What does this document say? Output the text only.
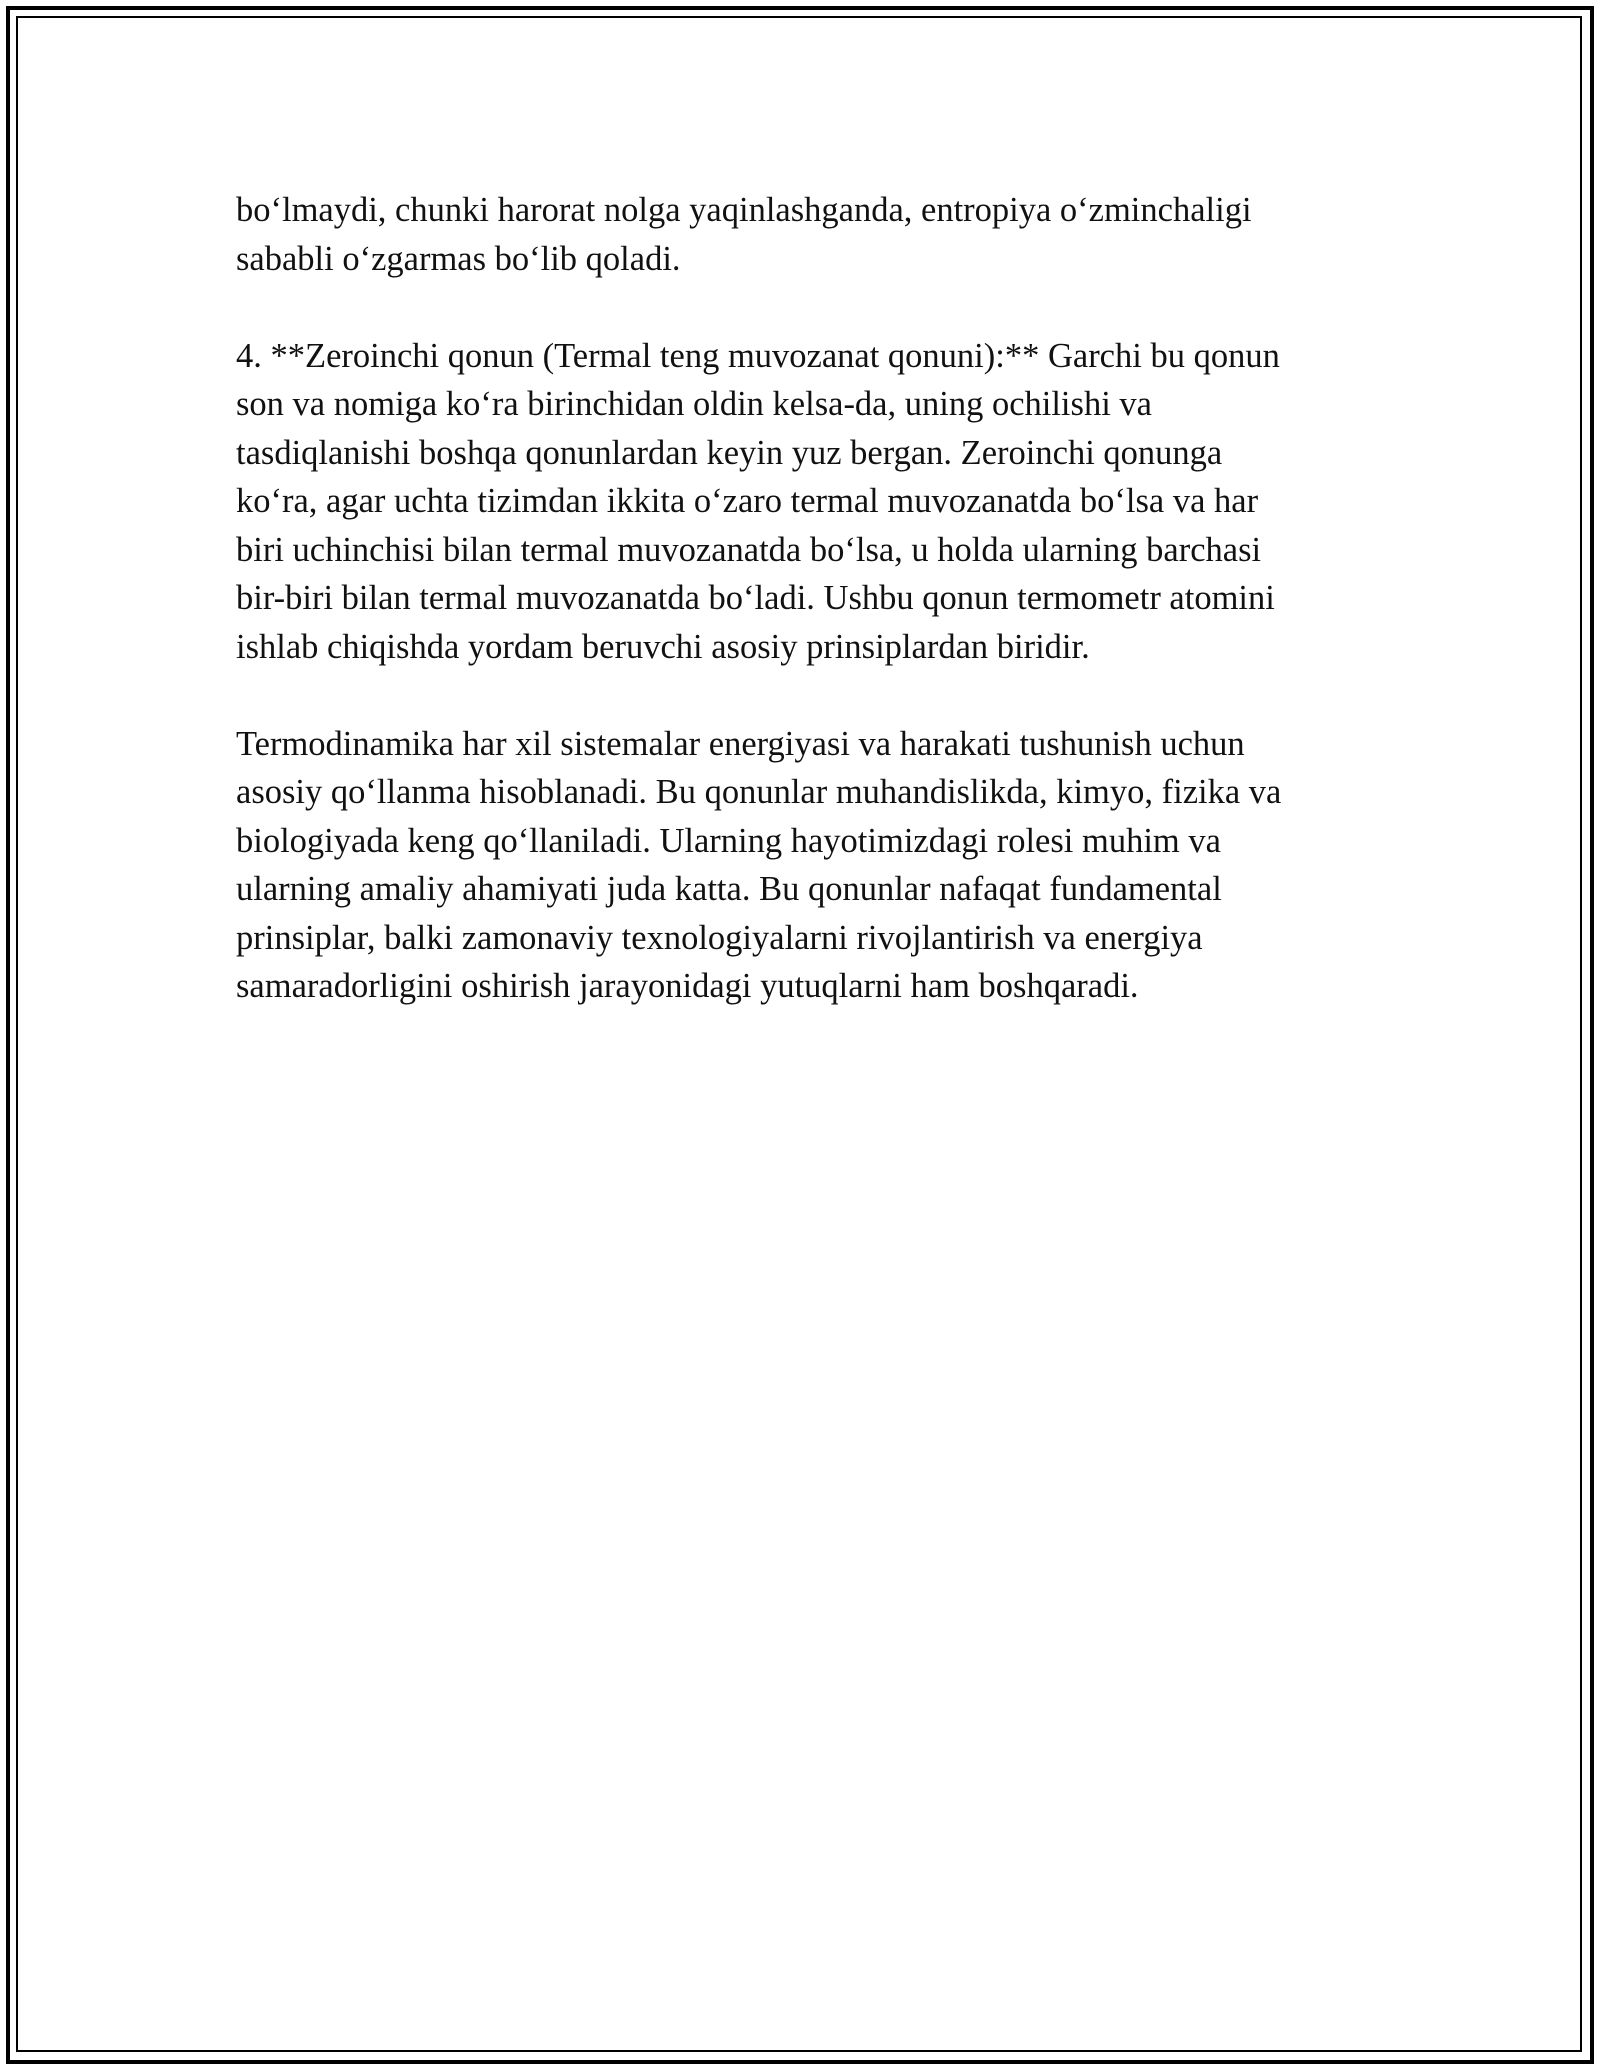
bo‘lmaydi, chunki harorat nolga yaqinlashganda, entropiya o‘zminchaligi
sababli o‘zgarmas bo‘lib qoladi.
4. **Zeroinchi qonun (Termal teng muvozanat qonuni):** Garchi bu qonun
son va nomiga ko‘ra birinchidan oldin kelsa-da, uning ochilishi va
tasdiqlanishi boshqa qonunlardan keyin yuz bergan. Zeroinchi qonunga
ko‘ra, agar uchta tizimdan ikkita o‘zaro termal muvozanatda bo‘lsa va har
biri uchinchisi bilan termal muvozanatda bo‘lsa, u holda ularning barchasi
bir-biri bilan termal muvozanatda bo‘ladi. Ushbu qonun termometr atomini
ishlab chiqishda yordam beruvchi asosiy prinsiplardan biridir.
Termodinamika har xil sistemalar energiyasi va harakati tushunish uchun
asosiy qo‘llanma hisoblanadi. Bu qonunlar muhandislikda, kimyo, fizika va
biologiyada keng qo‘llaniladi. Ularning hayotimizdagi rolesi muhim va
ularning amaliy ahamiyati juda katta. Bu qonunlar nafaqat fundamental
prinsiplar, balki zamonaviy texnologiyalarni rivojlantirish va energiya
samaradorligini oshirish jarayonidagi yutuqlarni ham boshqaradi.
